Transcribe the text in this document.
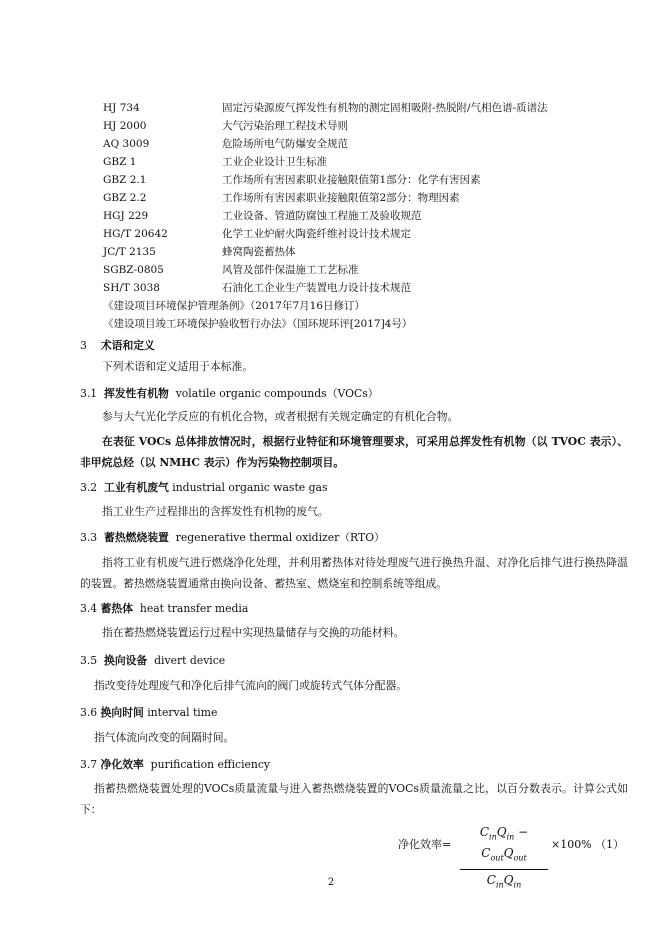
HJ 734	固定污染源废气挥发性有机物的测定固相吸附-热脱附/气相色谱-质谱法
HJ 2000	大气污染治理工程技术导则
AQ 3009	危险场所电气防爆安全规范
GBZ 1	工业企业设计卫生标准
GBZ 2.1	工作场所有害因素职业接触限值第1部分：化学有害因素
GBZ 2.2	工作场所有害因素职业接触限值第2部分：物理因素
HGJ 229	工业设备、管道防腐蚀工程施工及验收规范
HG/T 20642	化学工业炉耐火陶瓷纤维衬设计技术规定
JC/T 2135	蜂窝陶瓷蓄热体
SGBZ-0805	风管及部件保温施工工艺标准
SH/T 3038	石油化工企业生产装置电力设计技术规范
《建设项目环境保护管理条例》（2017年7月16日修订）
《建设项目竣工环境保护验收暂行办法》（国环规环评[2017]4号）
3 术语和定义
下列术语和定义适用于本标准。
3.1 挥发性有机物 volatile organic compounds（VOCs）
参与大气光化学反应的有机化合物，或者根据有关规定确定的有机化合物。
在表征 VOCs 总体排放情况时，根据行业特征和环境管理要求，可采用总挥发性有机物（以 TVOC 表示）、非甲烷总烃（以 NMHC 表示）作为污染物控制项目。
3.2 工业有机废气 industrial organic waste gas
指工业生产过程排出的含挥发性有机物的废气。
3.3 蓄热燃烧装置 regenerative thermal oxidizer（RTO）
指将工业有机废气进行燃烧净化处理，并利用蓄热体对待处理废气进行换热升温、对净化后排气进行换热降温的装置。蓄热燃烧装置通常由换向设备、蓄热室、燃烧室和控制系统等组成。
3.4 蓄热体 heat transfer media
指在蓄热燃烧装置运行过程中实现热量储存与交换的功能材料。
3.5 换向设备 divert device
指改变待处理废气和净化后排气流向的阀门或旋转式气体分配器。
3.6 换向时间 interval time
指气体流向改变的间隔时间。
3.7 净化效率 purification efficiency
指蓄热燃烧装置处理的VOCs质量流量与进入蓄热燃烧装置的VOCs质量流量之比，以百分数表示。计算公式如下：
净化效率=
$C_{in}Q_{in} - C_{out}Q_{out}$
$C_{in}Q_{in}$
×100% （1）
2
